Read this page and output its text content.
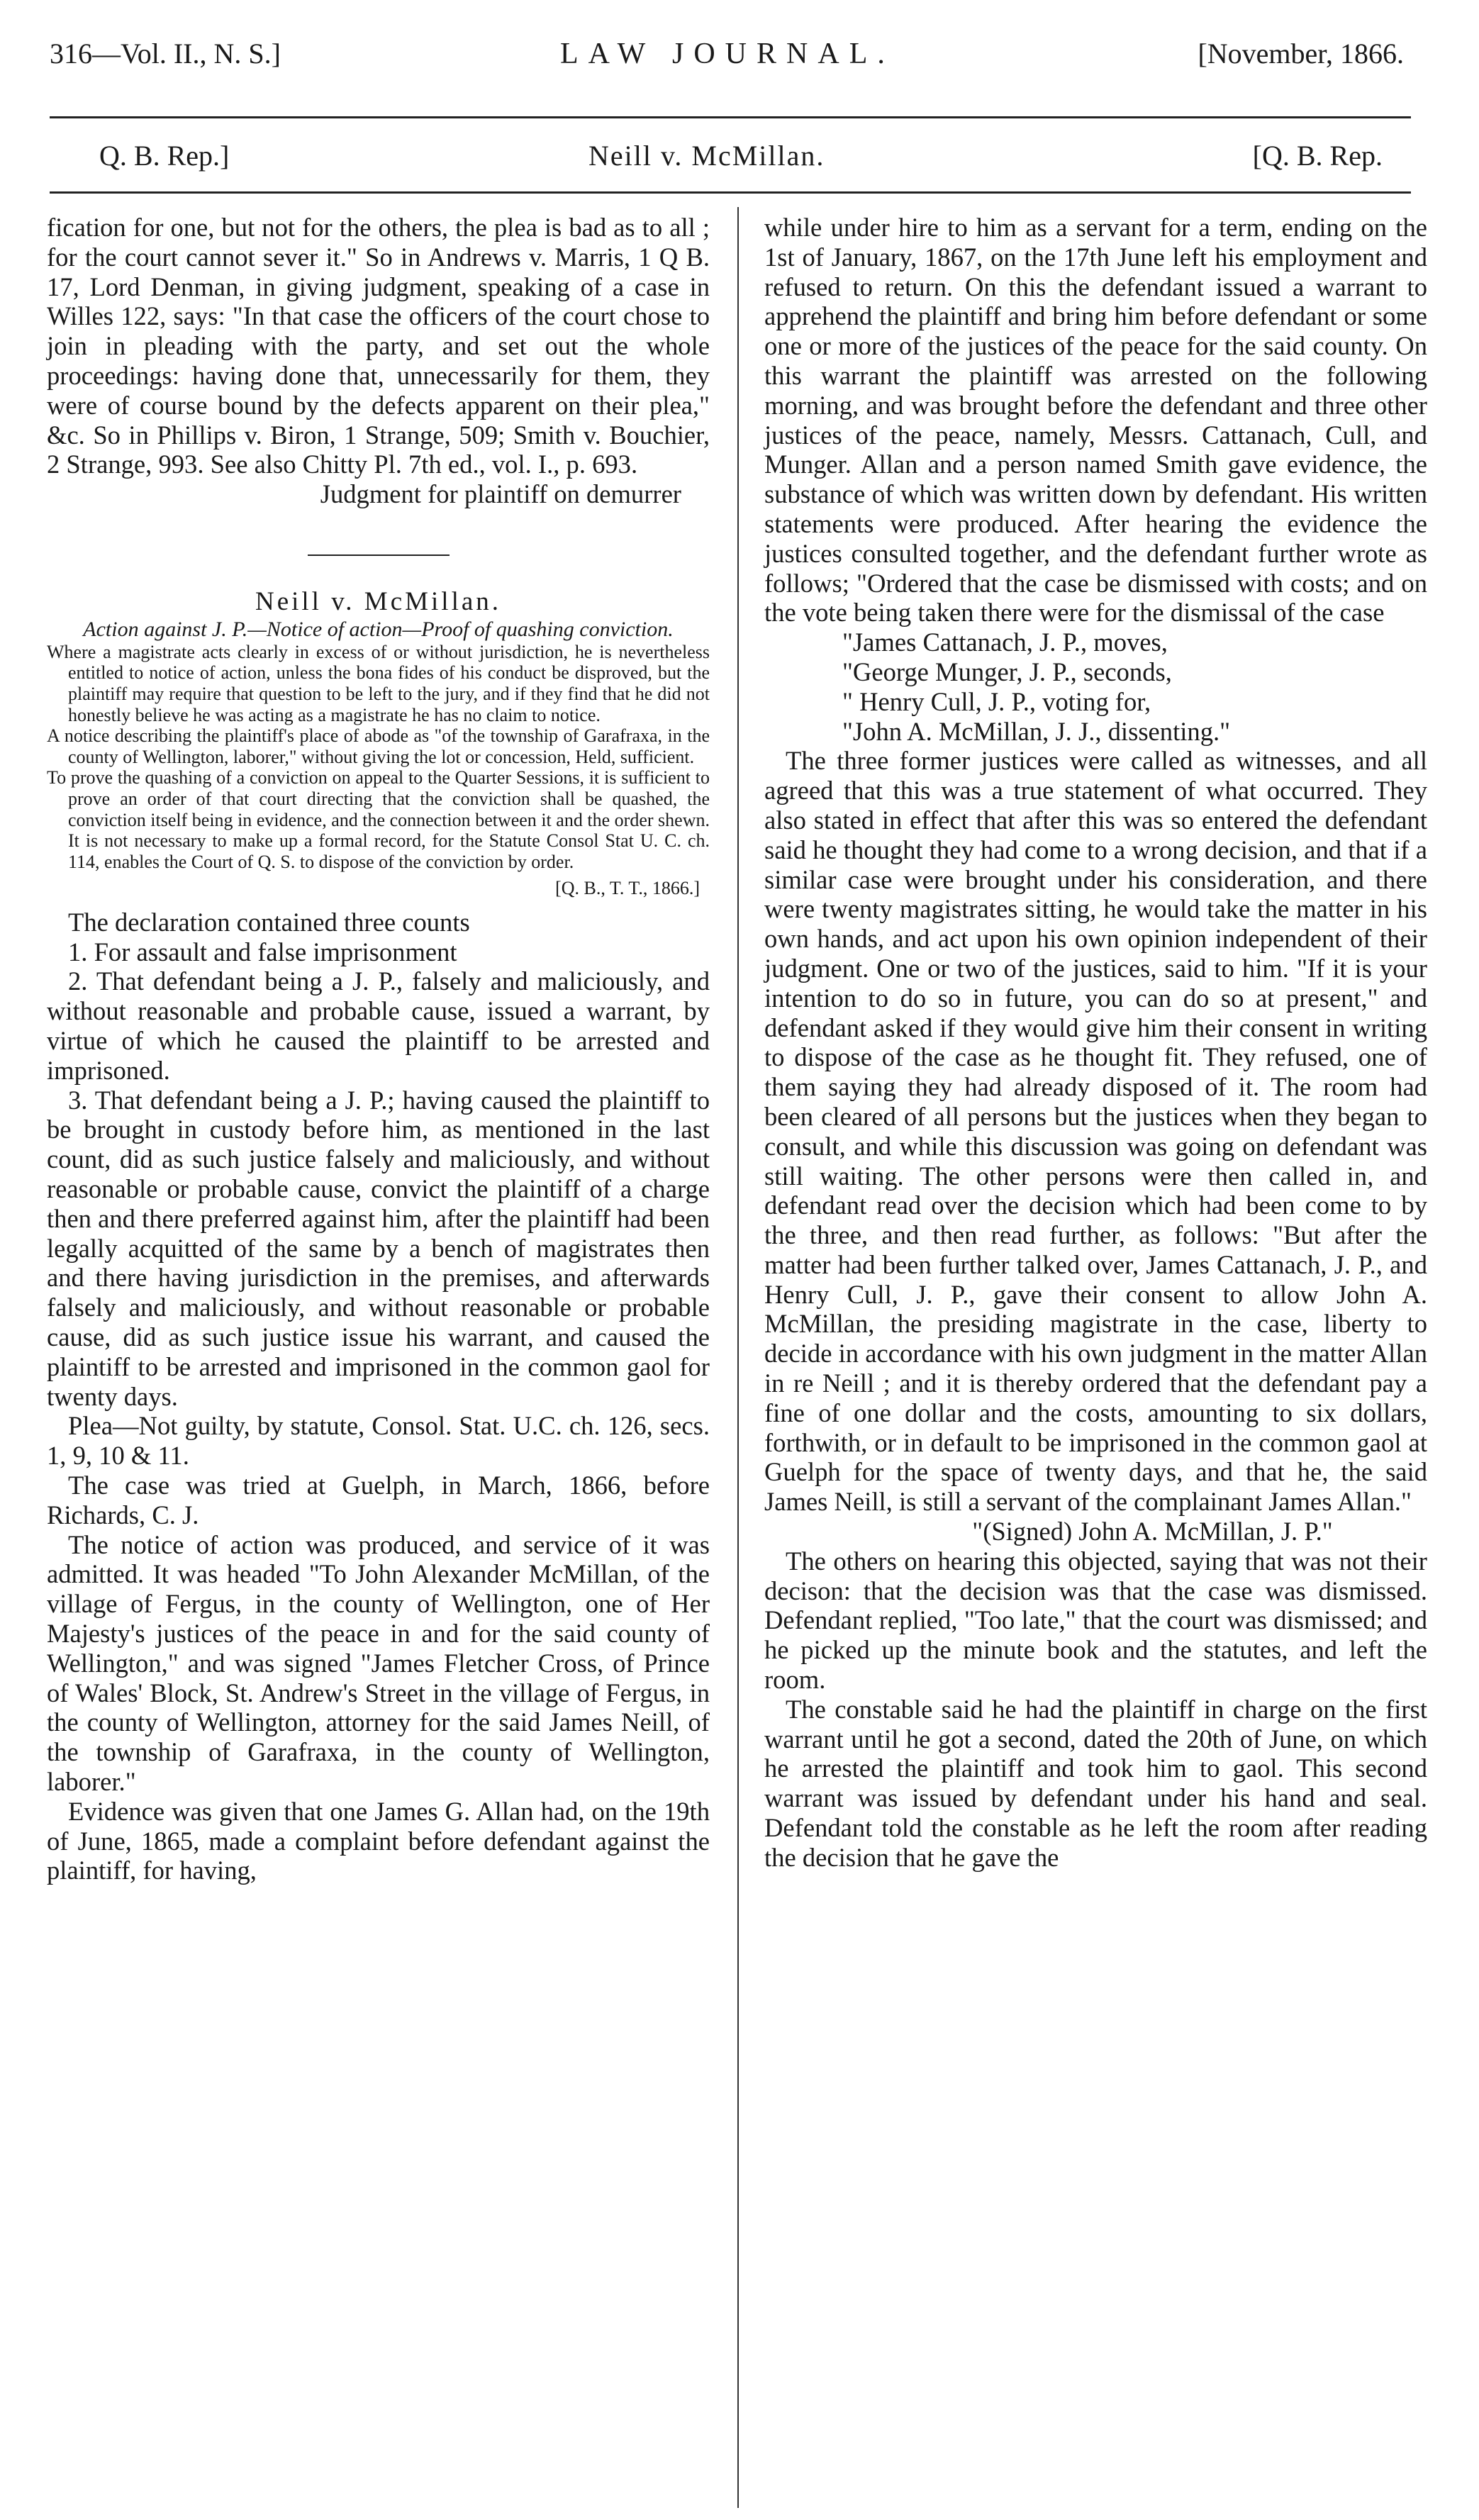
316—Vol. II., N. S.]	LAW JOURNAL.	[November, 1866.
Q. B. Rep.]	Neill v. McMillan.	[Q. B. Rep.

fication for one, but not for the others, the plea is bad as to all ; for the court cannot sever it." So in Andrews v. Marris, 1 Q B. 17, Lord Denman, in giving judgment, speaking of a case in Willes 122, says: "In that case the officers of the court chose to join in pleading with the party, and set out the whole proceedings: having done that, unnecessarily for them, they were of course bound by the defects apparent on their plea," &c. So in Phillips v. Biron, 1 Strange, 509; Smith v. Bouchier, 2 Strange, 993. See also Chitty Pl. 7th ed., vol. I., p. 693.

Judgment for plaintiff on demurrer

Neill v. McMillan.

Action against J. P.—Notice of action—Proof of quashing conviction.

Where a magistrate acts clearly in excess of or without jurisdiction, he is nevertheless entitled to notice of action, unless the bona fides of his conduct be disproved, but the plaintiff may require that question to be left to the jury, and if they find that he did not honestly believe he was acting as a magistrate he has no claim to notice.

A notice describing the plaintiff's place of abode as "of the township of Garafraxa, in the county of Wellington, laborer," without giving the lot or concession, Held, sufficient.

To prove the quashing of a conviction on appeal to the Quarter Sessions, it is sufficient to prove an order of that court directing that the conviction shall be quashed, the conviction itself being in evidence, and the connection between it and the order shewn. It is not necessary to make up a formal record, for the Statute Consol Stat U. C. ch. 114, enables the Court of Q. S. to dispose of the conviction by order.

[Q. B., T. T., 1866.]

The declaration contained three counts

1. For assault and false imprisonment

2. That defendant being a J. P., falsely and maliciously, and without reasonable and probable cause, issued a warrant, by virtue of which he caused the plaintiff to be arrested and imprisoned.

3. That defendant being a J. P.; having caused the plaintiff to be brought in custody before him, as mentioned in the last count, did as such justice falsely and maliciously, and without reasonable or probable cause, convict the plaintiff of a charge then and there preferred against him, after the plaintiff had been legally acquitted of the same by a bench of magistrates then and there having jurisdiction in the premises, and afterwards falsely and maliciously, and without reasonable or probable cause, did as such justice issue his warrant, and caused the plaintiff to be arrested and imprisoned in the common gaol for twenty days.

Plea—Not guilty, by statute, Consol. Stat. U.C. ch. 126, secs. 1, 9, 10 & 11.

The case was tried at Guelph, in March, 1866, before Richards, C. J.

The notice of action was produced, and service of it was admitted. It was headed "To John Alexander McMillan, of the village of Fergus, in the county of Wellington, one of Her Majesty's justices of the peace in and for the said county of Wellington," and was signed "James Fletcher Cross, of Prince of Wales' Block, St. Andrew's Street in the village of Fergus, in the county of Wellington, attorney for the said James Neill, of the township of Garafraxa, in the county of Wellington, laborer."

Evidence was given that one James G. Allan had, on the 19th of June, 1865, made a complaint before defendant against the plaintiff, for having,

while under hire to him as a servant for a term, ending on the 1st of January, 1867, on the 17th June left his employment and refused to return. On this the defendant issued a warrant to apprehend the plaintiff and bring him before defendant or some one or more of the justices of the peace for the said county. On this warrant the plaintiff was arrested on the following morning, and was brought before the defendant and three other justices of the peace, namely, Messrs. Cattanach, Cull, and Munger. Allan and a person named Smith gave evidence, the substance of which was written down by defendant. His written statements were produced. After hearing the evidence the justices consulted together, and the defendant further wrote as follows; "Ordered that the case be dismissed with costs; and on the vote being taken there were for the dismissal of the case

"James Cattanach, J. P., moves,

"George Munger, J. P., seconds,

" Henry Cull, J. P., voting for,

"John A. McMillan, J. J., dissenting."

The three former justices were called as witnesses, and all agreed that this was a true statement of what occurred. They also stated in effect that after this was so entered the defendant said he thought they had come to a wrong decision, and that if a similar case were brought under his consideration, and there were twenty magistrates sitting, he would take the matter in his own hands, and act upon his own opinion independent of their judgment. One or two of the justices, said to him. "If it is your intention to do so in future, you can do so at present," and defendant asked if they would give him their consent in writing to dispose of the case as he thought fit. They refused, one of them saying they had already disposed of it. The room had been cleared of all persons but the justices when they began to consult, and while this discussion was going on defendant was still waiting. The other persons were then called in, and defendant read over the decision which had been come to by the three, and then read further, as follows: "But after the matter had been further talked over, James Cattanach, J. P., and Henry Cull, J. P., gave their consent to allow John A. McMillan, the presiding magistrate in the case, liberty to decide in accordance with his own judgment in the matter Allan in re Neill ; and it is thereby ordered that the defendant pay a fine of one dollar and the costs, amounting to six dollars, forthwith, or in default to be imprisoned in the common gaol at Guelph for the space of twenty days, and that he, the said James Neill, is still a servant of the complainant James Allan."

"(Signed) John A. McMillan, J. P."

The others on hearing this objected, saying that was not their decison: that the decision was that the case was dismissed. Defendant replied, "Too late," that the court was dismissed; and he picked up the minute book and the statutes, and left the room.

The constable said he had the plaintiff in charge on the first warrant until he got a second, dated the 20th of June, on which he arrested the plaintiff and took him to gaol. This second warrant was issued by defendant under his hand and seal. Defendant told the constable as he left the room after reading the decision that he gave the
